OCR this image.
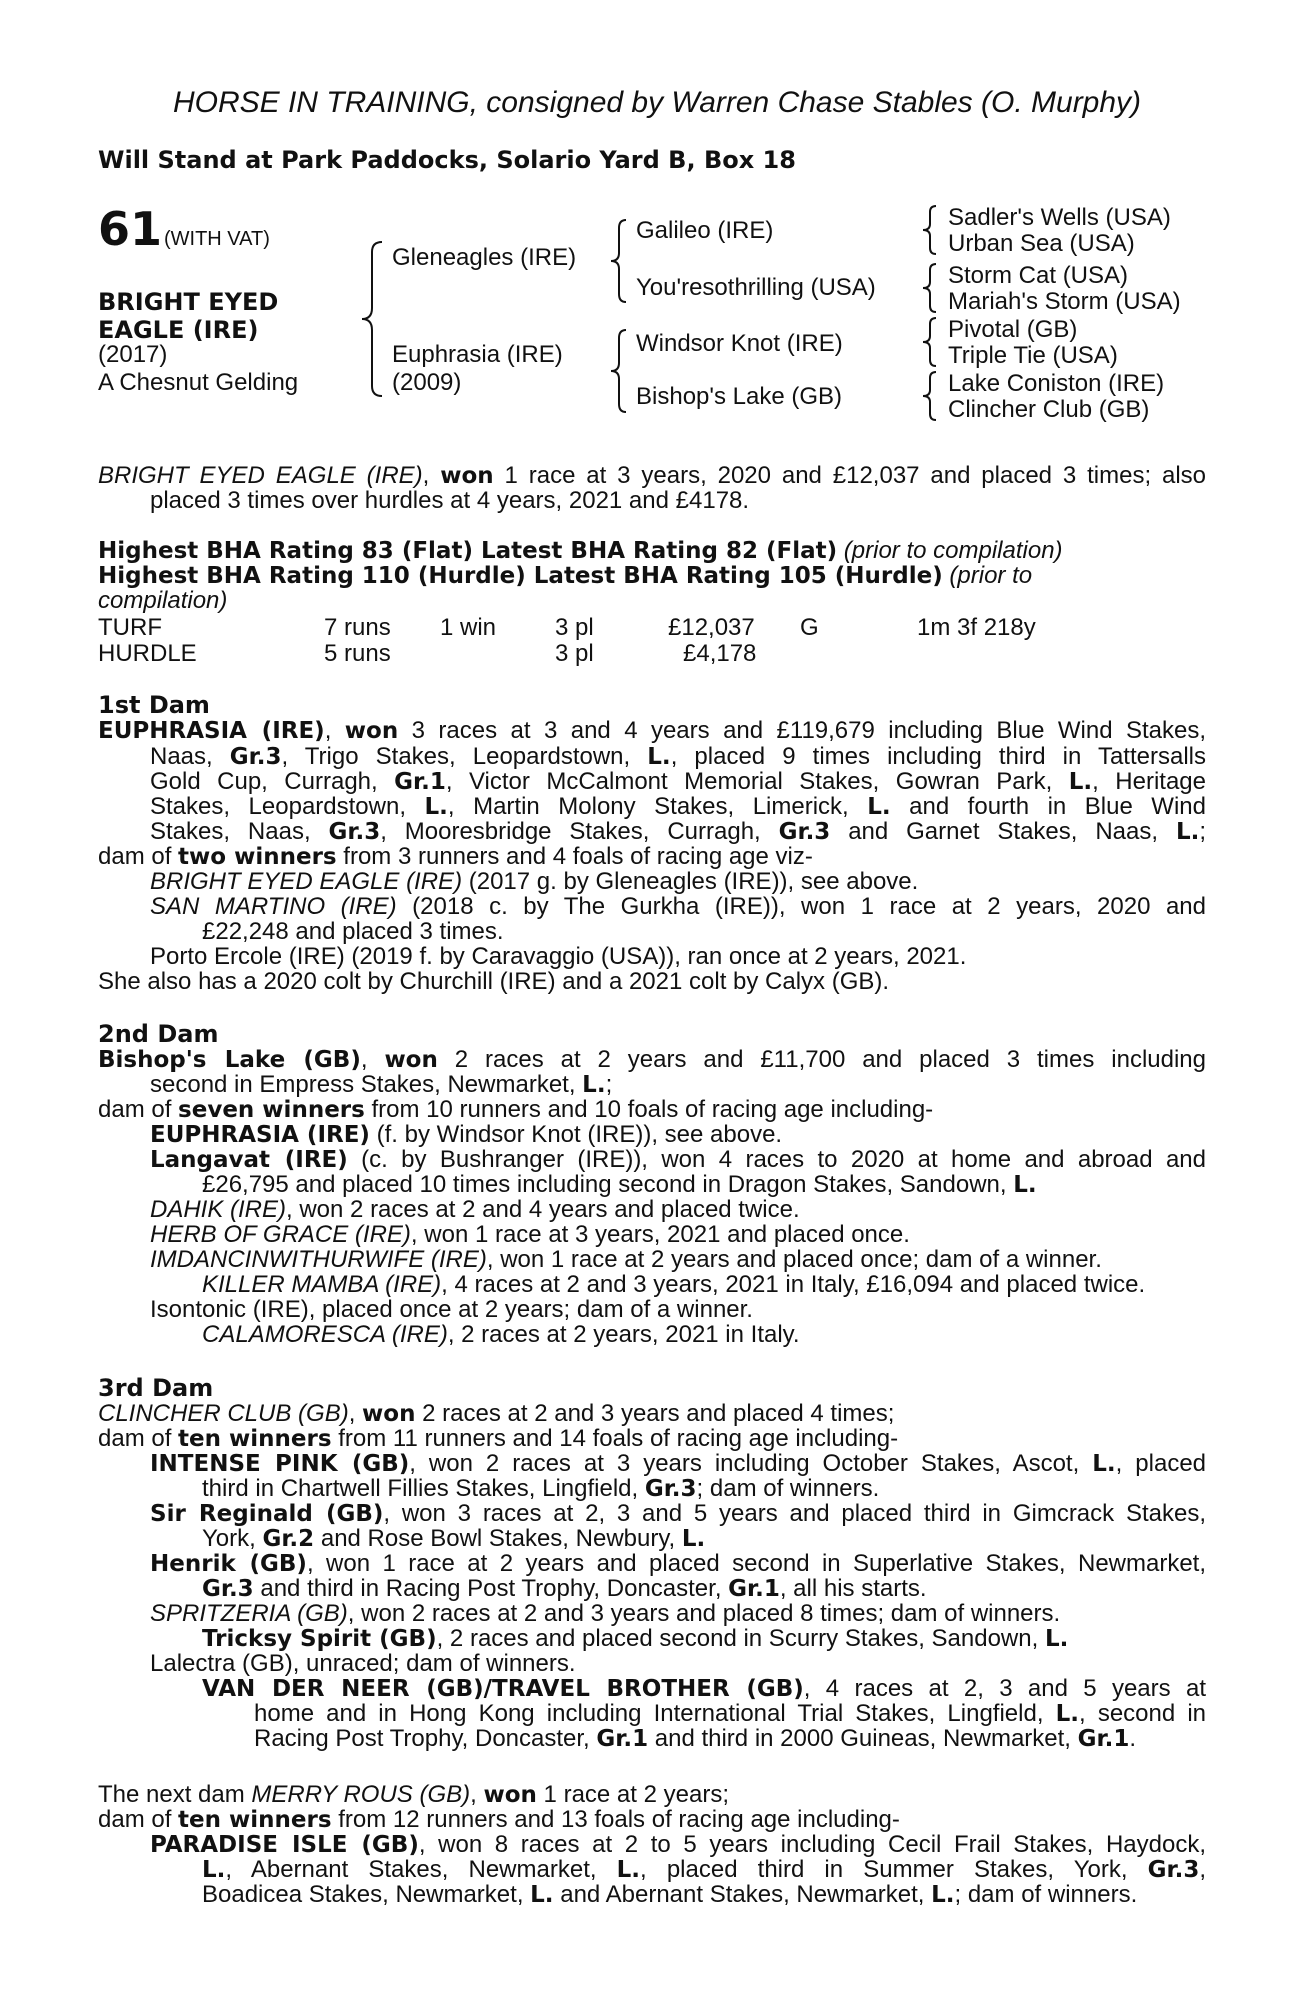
HORSE IN TRAINING, consigned by Warren Chase Stables (O. Murphy)
Will Stand at Park Paddocks, Solario Yard B, Box 18
61 (WITH VAT)
BRIGHT EYED
EAGLE (IRE)
(2017)
A Chesnut Gelding
Gleneagles (IRE)
Euphrasia (IRE)
(2009)
Galileo (IRE)
You'resothrilling (USA)
Windsor Knot (IRE)
Bishop's Lake (GB)
Sadler's Wells (USA)
Urban Sea (USA)
Storm Cat (USA)
Mariah's Storm (USA)
Pivotal (GB)
Triple Tie (USA)
Lake Coniston (IRE)
Clincher Club (GB)
BRIGHT EYED EAGLE (IRE), won 1 race at 3 years, 2020 and £12,037 and placed 3 times; also
placed 3 times over hurdles at 4 years, 2021 and £4178.
Highest BHA Rating 83 (Flat) Latest BHA Rating 82 (Flat) (prior to compilation)
Highest BHA Rating 110 (Hurdle) Latest BHA Rating 105 (Hurdle) (prior to
compilation)
TURF	7 runs 1 win 3 pl	£12,037 G	1m 3f 218y
HURDLE	5 runs	3 pl	£4,178
1st Dam
EUPHRASIA (IRE), won 3 races at 3 and 4 years and £119,679 including Blue Wind Stakes,
Naas, Gr.3, Trigo Stakes, Leopardstown, L., placed 9 times including third in Tattersalls
Gold Cup, Curragh, Gr.1, Victor McCalmont Memorial Stakes, Gowran Park, L., Heritage
Stakes, Leopardstown, L., Martin Molony Stakes, Limerick, L. and fourth in Blue Wind
Stakes, Naas, Gr.3, Mooresbridge Stakes, Curragh, Gr.3 and Garnet Stakes, Naas, L.;
dam of two winners from 3 runners and 4 foals of racing age viz-
BRIGHT EYED EAGLE (IRE) (2017 g. by Gleneagles (IRE)), see above.
SAN MARTINO (IRE) (2018 c. by The Gurkha (IRE)), won 1 race at 2 years, 2020 and
£22,248 and placed 3 times.
Porto Ercole (IRE) (2019 f. by Caravaggio (USA)), ran once at 2 years, 2021.
She also has a 2020 colt by Churchill (IRE) and a 2021 colt by Calyx (GB).
2nd Dam
Bishop's Lake (GB), won 2 races at 2 years and £11,700 and placed 3 times including
second in Empress Stakes, Newmarket, L.;
dam of seven winners from 10 runners and 10 foals of racing age including-
EUPHRASIA (IRE) (f. by Windsor Knot (IRE)), see above.
Langavat (IRE) (c. by Bushranger (IRE)), won 4 races to 2020 at home and abroad and
£26,795 and placed 10 times including second in Dragon Stakes, Sandown, L.
DAHIK (IRE), won 2 races at 2 and 4 years and placed twice.
HERB OF GRACE (IRE), won 1 race at 3 years, 2021 and placed once.
IMDANCINWITHURWIFE (IRE), won 1 race at 2 years and placed once; dam of a winner.
KILLER MAMBA (IRE), 4 races at 2 and 3 years, 2021 in Italy, £16,094 and placed twice.
Isontonic (IRE), placed once at 2 years; dam of a winner.
CALAMORESCA (IRE), 2 races at 2 years, 2021 in Italy.
3rd Dam
CLINCHER CLUB (GB), won 2 races at 2 and 3 years and placed 4 times;
dam of ten winners from 11 runners and 14 foals of racing age including-
INTENSE PINK (GB), won 2 races at 3 years including October Stakes, Ascot, L., placed
third in Chartwell Fillies Stakes, Lingfield, Gr.3; dam of winners.
Sir Reginald (GB), won 3 races at 2, 3 and 5 years and placed third in Gimcrack Stakes,
York, Gr.2 and Rose Bowl Stakes, Newbury, L.
Henrik (GB), won 1 race at 2 years and placed second in Superlative Stakes, Newmarket,
Gr.3 and third in Racing Post Trophy, Doncaster, Gr.1, all his starts.
SPRITZERIA (GB), won 2 races at 2 and 3 years and placed 8 times; dam of winners.
Tricksy Spirit (GB), 2 races and placed second in Scurry Stakes, Sandown, L.
Lalectra (GB), unraced; dam of winners.
VAN DER NEER (GB)/TRAVEL BROTHER (GB), 4 races at 2, 3 and 5 years at
home and in Hong Kong including International Trial Stakes, Lingfield, L., second in
Racing Post Trophy, Doncaster, Gr.1 and third in 2000 Guineas, Newmarket, Gr.1.
The next dam MERRY ROUS (GB), won 1 race at 2 years;
dam of ten winners from 12 runners and 13 foals of racing age including-
PARADISE ISLE (GB), won 8 races at 2 to 5 years including Cecil Frail Stakes, Haydock,
L., Abernant Stakes, Newmarket, L., placed third in Summer Stakes, York, Gr.3,
Boadicea Stakes, Newmarket, L. and Abernant Stakes, Newmarket, L.; dam of winners.
